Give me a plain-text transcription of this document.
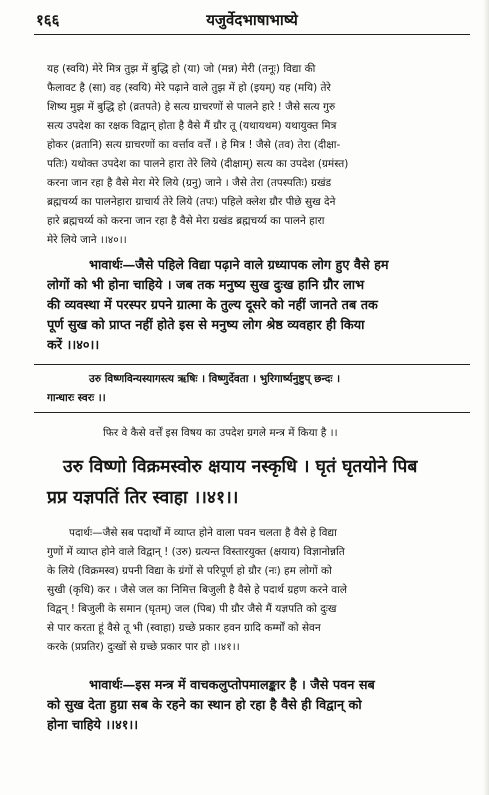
१६६	यजुर्वेदभाषाभाष्ये
यह (स्वयि) मेरे मित्र तुझ में बुद्धि हो (या) जो (मन्न) मेरी (तनूः) विद्या की
फैलावट है (सा) वह (स्वयि) मेरे पढ़ाने वाले तुझ में हो (इयम्) यह (मयि) तेरे
शिष्य मुझ में बुद्धि हो (व्रतपते) हे सत्य ग्राचरणों से पालने हारे ! जैसे सत्य गुरु
सत्य उपदेश का रक्षक विद्वान् होता है वैसे मैं ग्रौर तू (यथायथम) यथायुक्त मित्र
होकर (व्रतानि) सत्य ग्राचरणों का वर्त्ताव वर्त्तें । हे मित्र ! जैसे (तव) तेरा (दीक्षा-
पतिः) यथोक्त उपदेश का पालने हारा तेरे लिये (दीक्षाम्) सत्य का उपदेश (ग्रमंस्त)
करना जान रहा है वैसे मेरा मेरे लिये (ग्रनु) जाने । जैसे तेरा (तपस्पतिः) ग्रखंड
ब्रह्मचर्य्य का पालनेहारा ग्राचार्य तेरे लिये (तपः) पहिले क्लेश ग्रौर पीछे सुख देने
हारे ब्रह्मचर्य्य को करना जान रहा है वैसे मेरा ग्रखंड ब्रह्मचर्य्य का पालने हारा
मेरे लिये जाने ।।४०।।
भावार्थः—जैसे पहिले विद्या पढ़ाने वाले ग्रध्यापक लोग हुए वैसे हम
लोगों को भी होना चाहिये । जब तक मनुष्य सुख दुःख हानि ग्रौर लाभ
की व्यवस्था में परस्पर ग्रपने ग्रात्मा के तुल्य दूसरे को नहीं जानते तब तक
पूर्ण सुख को प्राप्त नहीं होते इस से मनुष्य लोग श्रेष्ठ व्यवहार ही किया
करें ।।४०।।
उरु विष्णविन्यस्यागस्त्य ऋषिः । विष्णुर्देवता । भुरिगार्ष्यनुष्टुप् छन्दः ।
गान्धारः स्वरः ।।
फिर वे कैसे वर्त्तें इस विषय का उपदेश ग्रगले मन्त्र में किया है ।।
उरु विष्णो विक्रमस्वोरु क्षयाय नस्कृधि । घृतं घृतयोने पिब
प्रप्र यज्ञपतिं तिर स्वाहा ।।४१।।
पदार्थः—जैसे सब पदार्थों में व्याप्त होने वाला पवन चलता है वैसे हे विद्या
गुणों में व्याप्त होने वाले विद्वान् ! (उरु) ग्रत्यन्त विस्तारयुक्त (क्षयाय) विज्ञानोन्नति
के लिये (विक्रमस्व) ग्रपनी विद्या के ग्रंगों से परिपूर्ण हो ग्रौर (नः) हम लोगों को
सुखी (कृधि) कर । जैसे जल का निमित्त बिजुली है वैसे हे पदार्थ ग्रहण करने वाले
विद्वन् ! बिजुली के समान (घृतम्) जल (पिब) पी ग्रौर जैसे मैं यज्ञपति को दुःख
से पार करता हूं वैसे तू भी (स्वाहा) ग्रच्छे प्रकार हवन ग्रादि कर्म्मों को सेवन
करके (प्रप्रतिर) दुःखों से ग्रच्छे प्रकार पार हो ।।४१।।
भावार्थः—इस मन्त्र में वाचकलुप्तोपमालङ्कार है । जैसे पवन सब
को सुख देता हुग्रा सब के रहने का स्थान हो रहा है वैसे ही विद्वान् को
होना चाहिये ।।४१।।
